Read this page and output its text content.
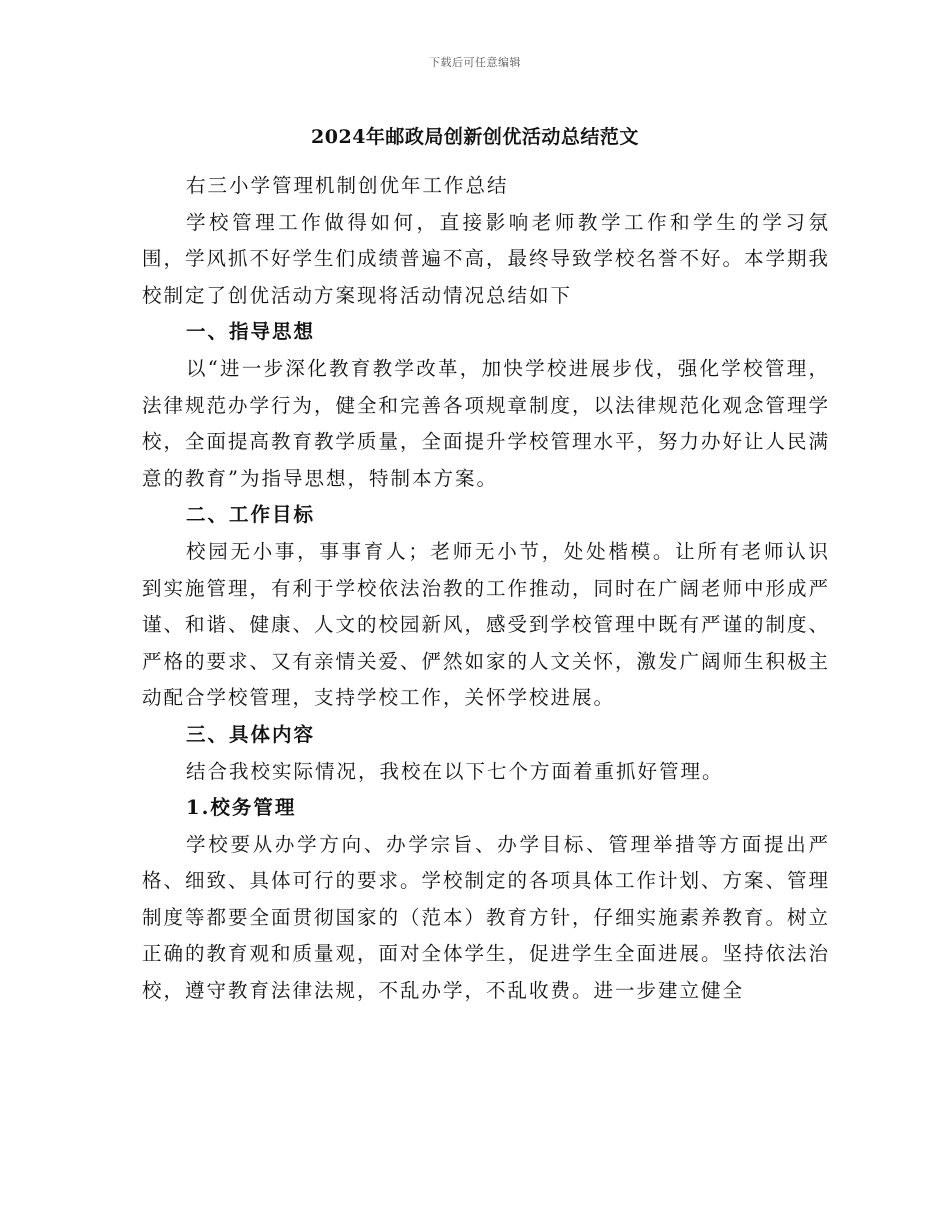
下载后可任意编辑
2024年邮政局创新创优活动总结范文

右三小学管理机制创优年工作总结

学校管理工作做得如何，直接影响老师教学工作和学生的学习氛围，学风抓不好学生们成绩普遍不高，最终导致学校名誉不好。本学期我校制定了创优活动方案现将活动情况总结如下

一、指导思想

以“进一步深化教育教学改革，加快学校进展步伐，强化学校管理，法律规范办学行为，健全和完善各项规章制度，以法律规范化观念管理学校，全面提高教育教学质量，全面提升学校管理水平，努力办好让人民满意的教育”为指导思想，特制本方案。

二、工作目标

校园无小事，事事育人；老师无小节，处处楷模。让所有老师认识到实施管理，有利于学校依法治教的工作推动，同时在广阔老师中形成严谨、和谐、健康、人文的校园新风，感受到学校管理中既有严谨的制度、严格的要求、又有亲情关爱、俨然如家的人文关怀，激发广阔师生积极主动配合学校管理，支持学校工作，关怀学校进展。

三、具体内容

结合我校实际情况，我校在以下七个方面着重抓好管理。

1.校务管理

学校要从办学方向、办学宗旨、办学目标、管理举措等方面提出严格、细致、具体可行的要求。学校制定的各项具体工作计划、方案、管理制度等都要全面贯彻国家的（范本）教育方针，仔细实施素养教育。树立正确的教育观和质量观，面对全体学生，促进学生全面进展。坚持依法治校，遵守教育法律法规，不乱办学，不乱收费。进一步建立健全
